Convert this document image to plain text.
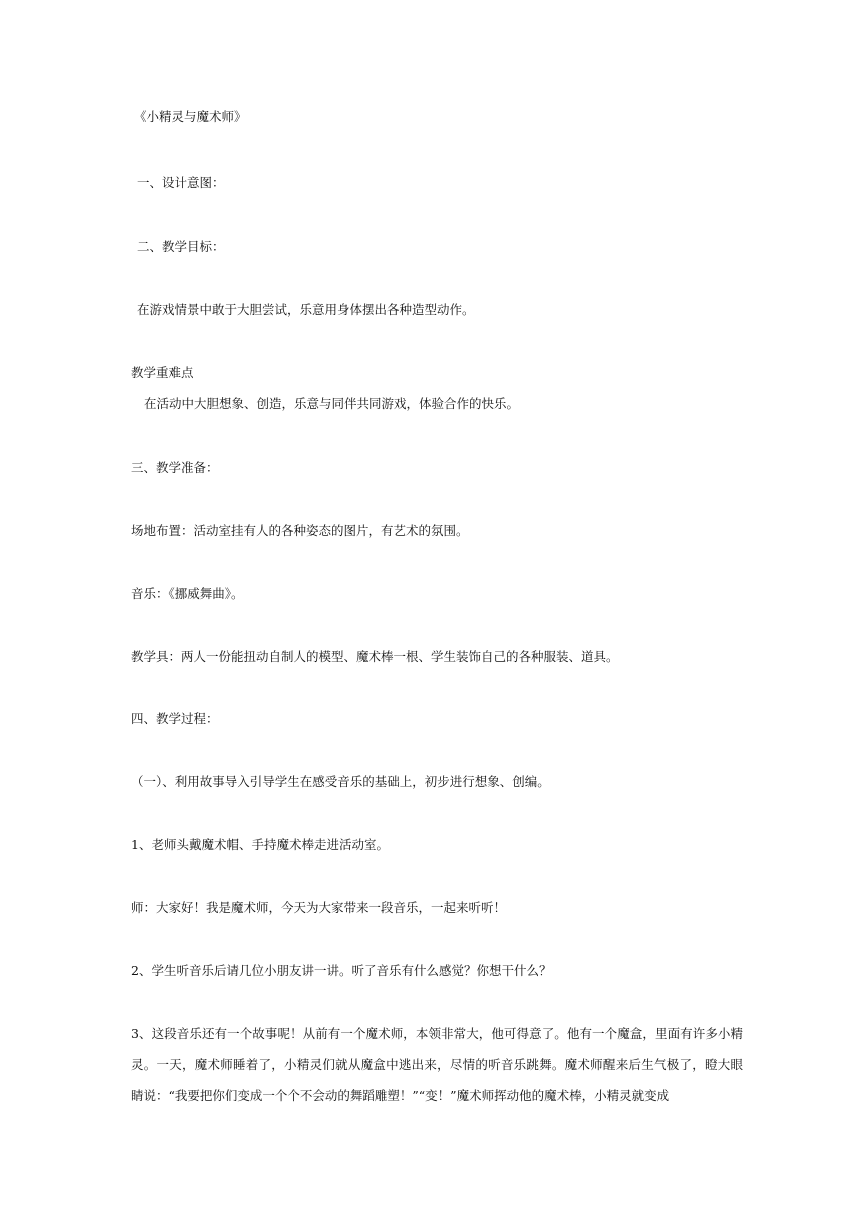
《小精灵与魔术师》
一、设计意图：
二、教学目标：
在游戏情景中敢于大胆尝试，乐意用身体摆出各种造型动作。
教学重难点
在活动中大胆想象、创造，乐意与同伴共同游戏，体验合作的快乐。
三、教学准备：
场地布置：活动室挂有人的各种姿态的图片，有艺术的氛围。
音乐：《挪威舞曲》。
教学具：两人一份能扭动自制人的模型、魔术棒一根、学生装饰自己的各种服装、道具。
四、教学过程：
（一）、利用故事导入引导学生在感受音乐的基础上，初步进行想象、创编。
1、老师头戴魔术帽、手持魔术棒走进活动室。
师：大家好！我是魔术师，今天为大家带来一段音乐，一起来听听！
2、学生听音乐后请几位小朋友讲一讲。听了音乐有什么感觉？你想干什么？
3、这段音乐还有一个故事呢！从前有一个魔术师，本领非常大，他可得意了。他有一个魔盒，里面有许多小精灵。一天，魔术师睡着了，小精灵们就从魔盒中逃出来，尽情的听音乐跳舞。魔术师醒来后生气极了，瞪大眼睛说：“我要把你们变成一个个不会动的舞蹈雕塑！”“变！”魔术师挥动他的魔术棒，小精灵就变成
